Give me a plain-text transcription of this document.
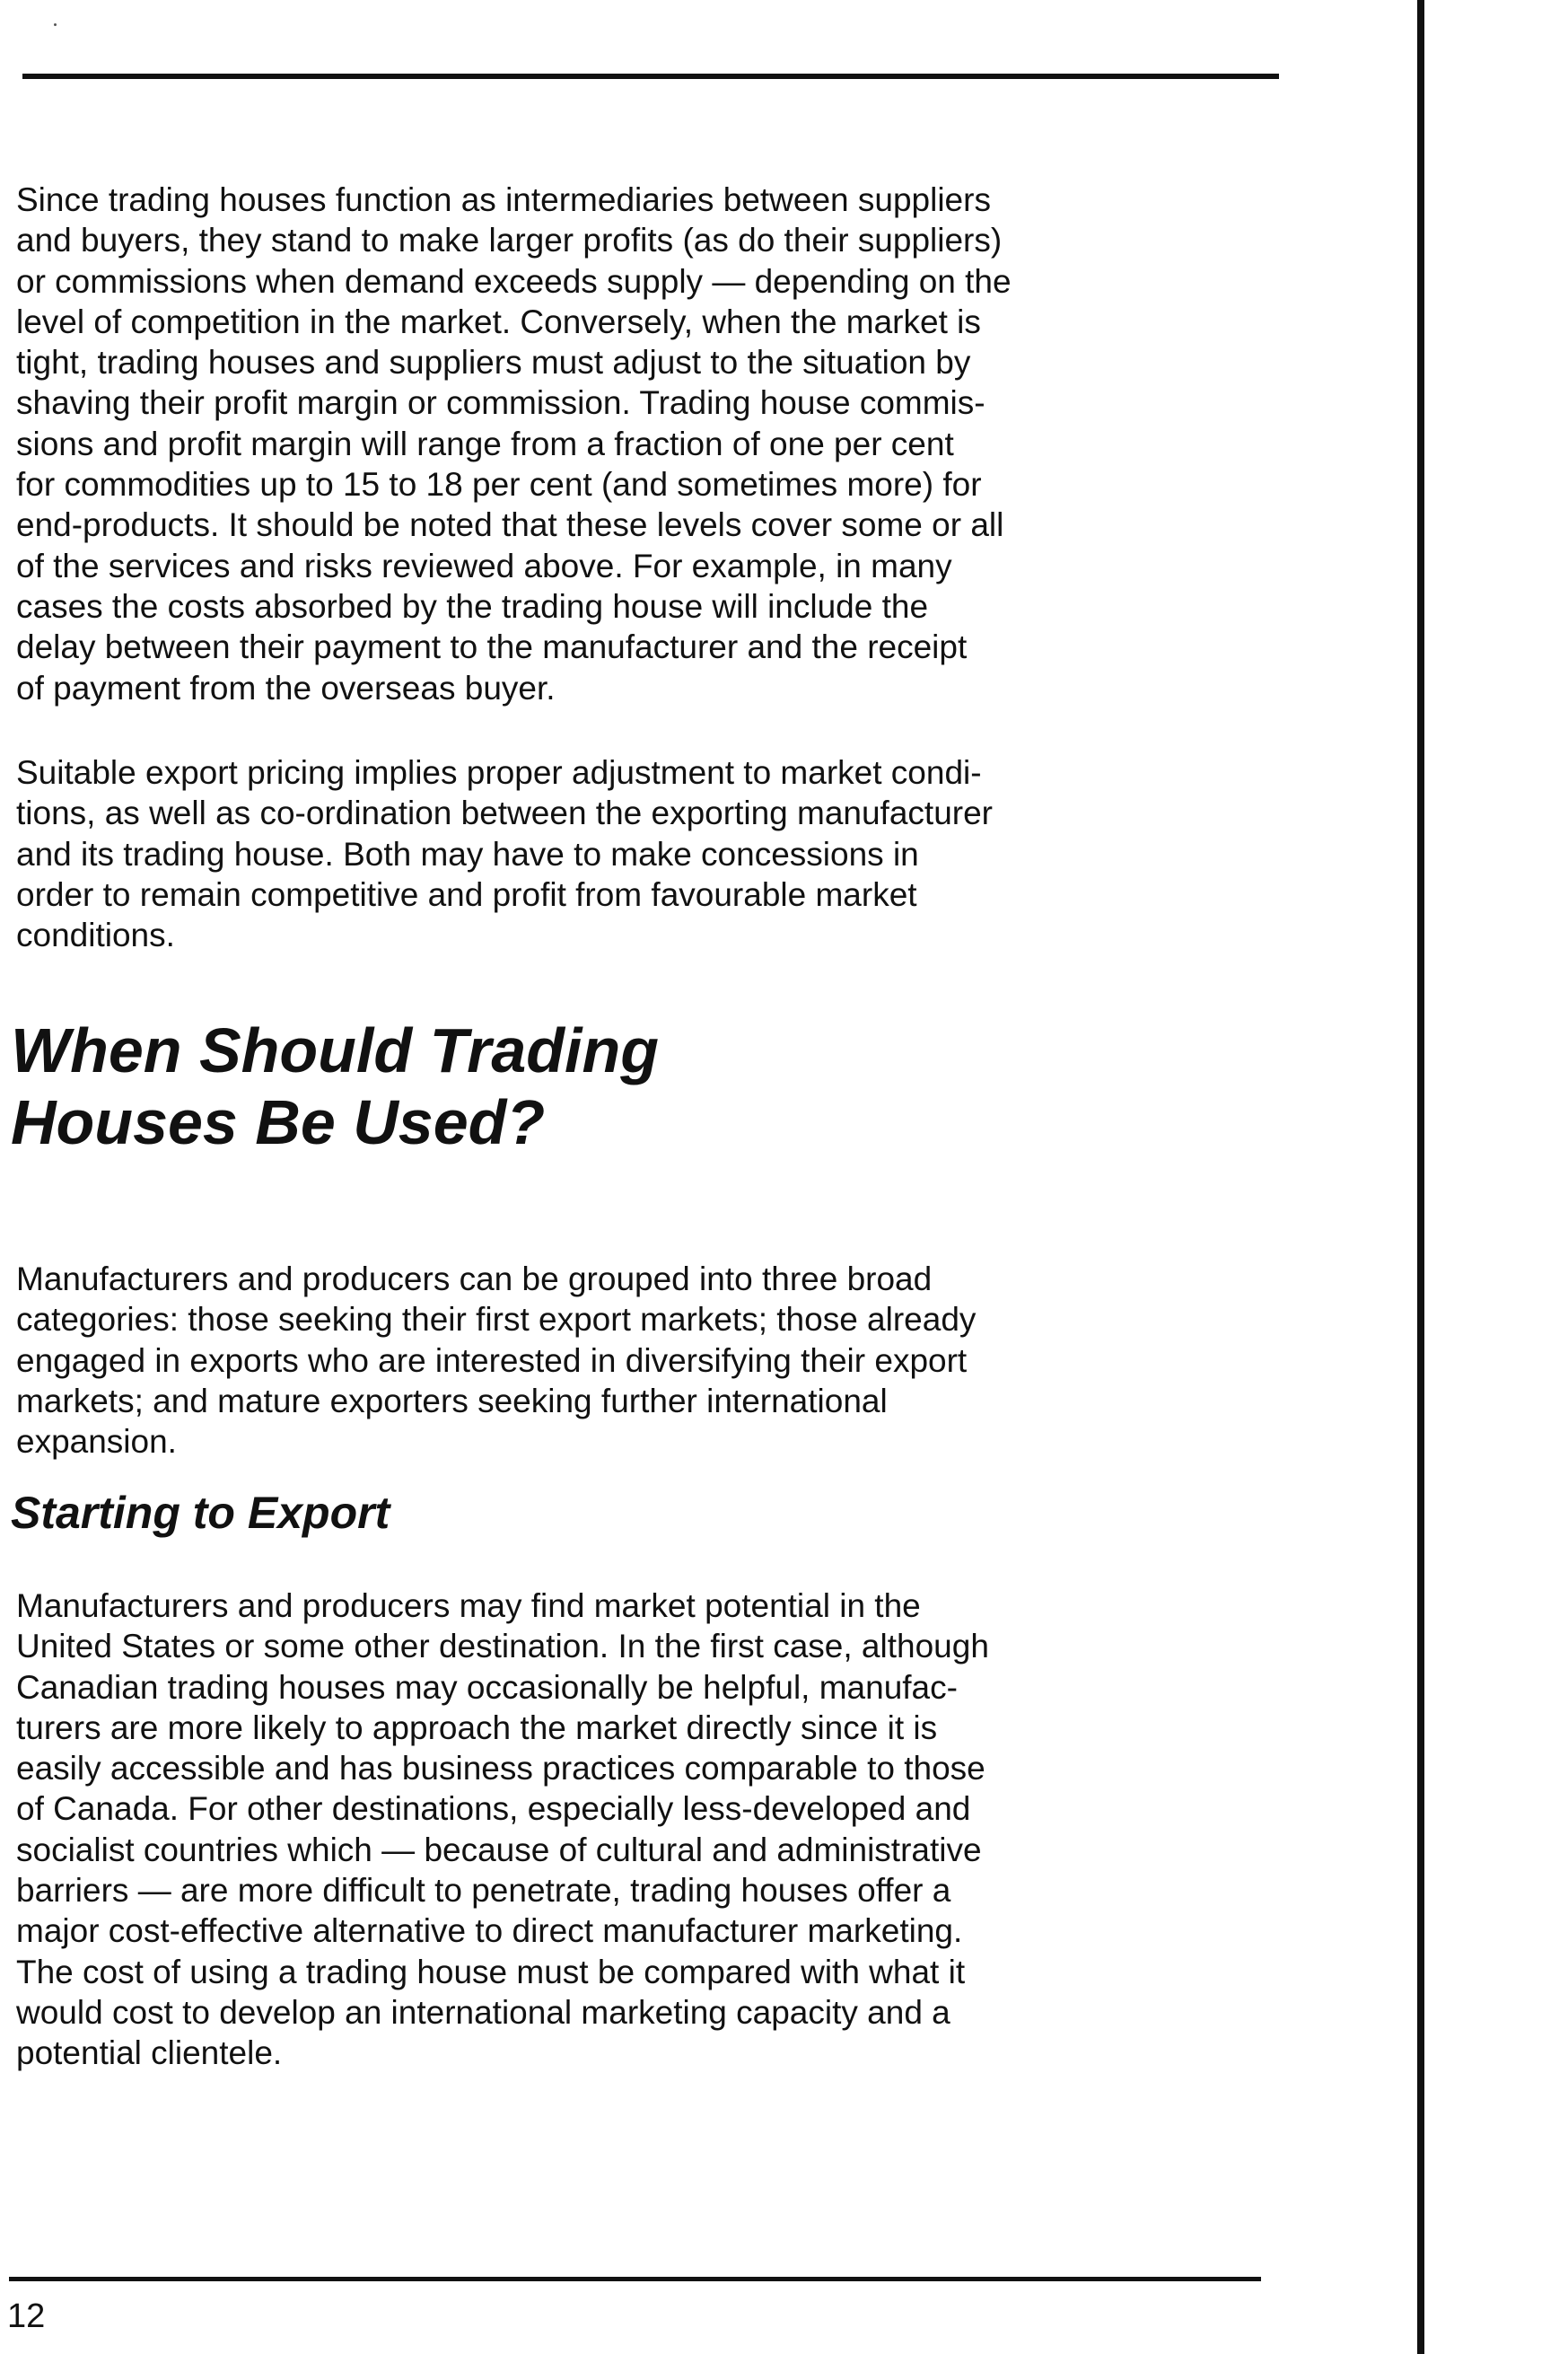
Since trading houses function as intermediaries between suppliers
and buyers, they stand to make larger profits (as do their suppliers)
or commissions when demand exceeds supply — depending on the
level of competition in the market. Conversely, when the market is
tight, trading houses and suppliers must adjust to the situation by
shaving their profit margin or commission. Trading house commis-
sions and profit margin will range from a fraction of one per cent
for commodities up to 15 to 18 per cent (and sometimes more) for
end-products. It should be noted that these levels cover some or all
of the services and risks reviewed above. For example, in many
cases the costs absorbed by the trading house will include the
delay between their payment to the manufacturer and the receipt
of payment from the overseas buyer.
Suitable export pricing implies proper adjustment to market condi-
tions, as well as co-ordination between the exporting manufacturer
and its trading house. Both may have to make concessions in
order to remain competitive and profit from favourable market
conditions.
When Should Trading
Houses Be Used?
Manufacturers and producers can be grouped into three broad
categories: those seeking their first export markets; those already
engaged in exports who are interested in diversifying their export
markets; and mature exporters seeking further international
expansion.
Starting to Export
Manufacturers and producers may find market potential in the
United States or some other destination. In the first case, although
Canadian trading houses may occasionally be helpful, manufac-
turers are more likely to approach the market directly since it is
easily accessible and has business practices comparable to those
of Canada. For other destinations, especially less-developed and
socialist countries which — because of cultural and administrative
barriers — are more difficult to penetrate, trading houses offer a
major cost-effective alternative to direct manufacturer marketing.
The cost of using a trading house must be compared with what it
would cost to develop an international marketing capacity and a
potential clientele.
12
